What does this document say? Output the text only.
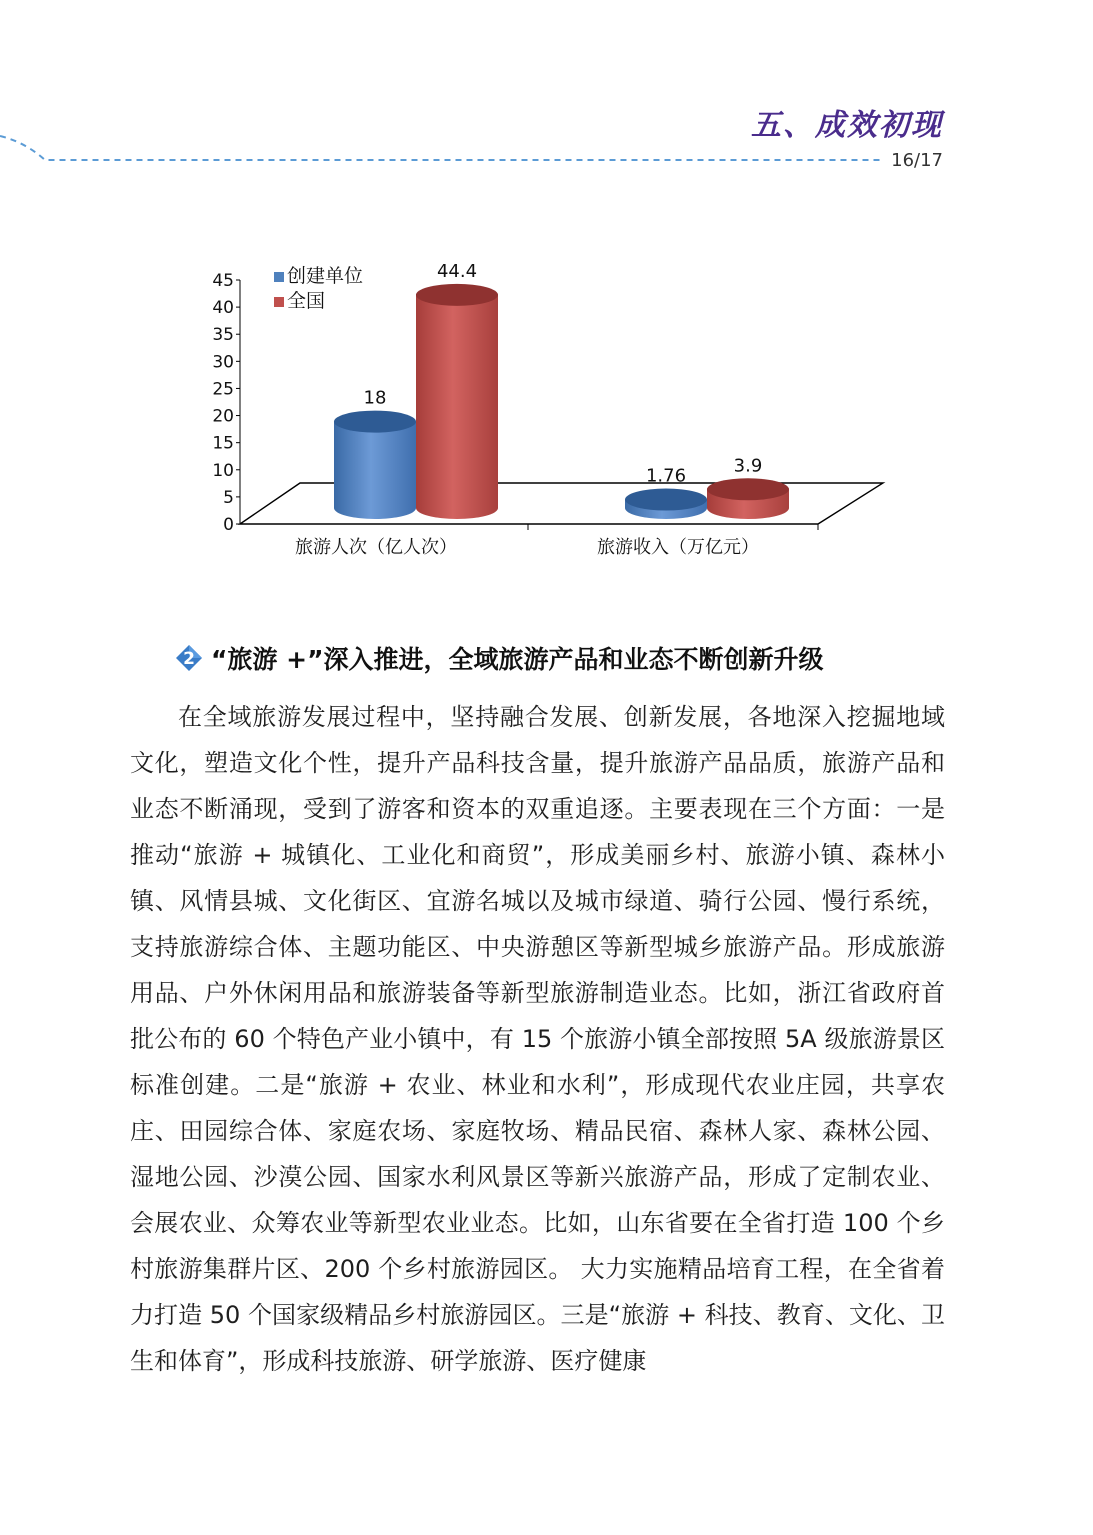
五、成效初现
16/17
0
5
10
15
20
25
30
35
40
45
旅游人次（亿人次）	旅游收入（万亿元）
18
1.76
44.4
3.9
创建单位
全国
2 “旅游 +”深入推进，全域旅游产品和业态不断创新升级

在全域旅游发展过程中，坚持融合发展、创新发展，各地深入挖掘地域文化，塑造文化个性，提升产品科技含量，提升旅游产品品质，旅游产品和业态不断涌现，受到了游客和资本的双重追逐。主要表现在三个方面：一是推动“旅游 + 城镇化、工业化和商贸”，形成美丽乡村、旅游小镇、森林小镇、风情县城、文化街区、宜游名城以及城市绿道、骑行公园、慢行系统，支持旅游综合体、主题功能区、中央游憩区等新型城乡旅游产品。形成旅游用品、户外休闲用品和旅游装备等新型旅游制造业态。比如，浙江省政府首批公布的 60 个特色产业小镇中，有 15 个旅游小镇全部按照 5A 级旅游景区标准创建。二是“旅游 + 农业、林业和水利”，形成现代农业庄园，共享农庄、田园综合体、家庭农场、家庭牧场、精品民宿、森林人家、森林公园、湿地公园、沙漠公园、国家水利风景区等新兴旅游产品，形成了定制农业、会展农业、众筹农业等新型农业业态。比如，山东省要在全省打造 100 个乡村旅游集群片区、200 个乡村旅游园区。 大力实施精品培育工程，在全省着力打造 50 个国家级精品乡村旅游园区。三是“旅游 + 科技、教育、文化、卫生和体育”，形成科技旅游、研学旅游、医疗健康
